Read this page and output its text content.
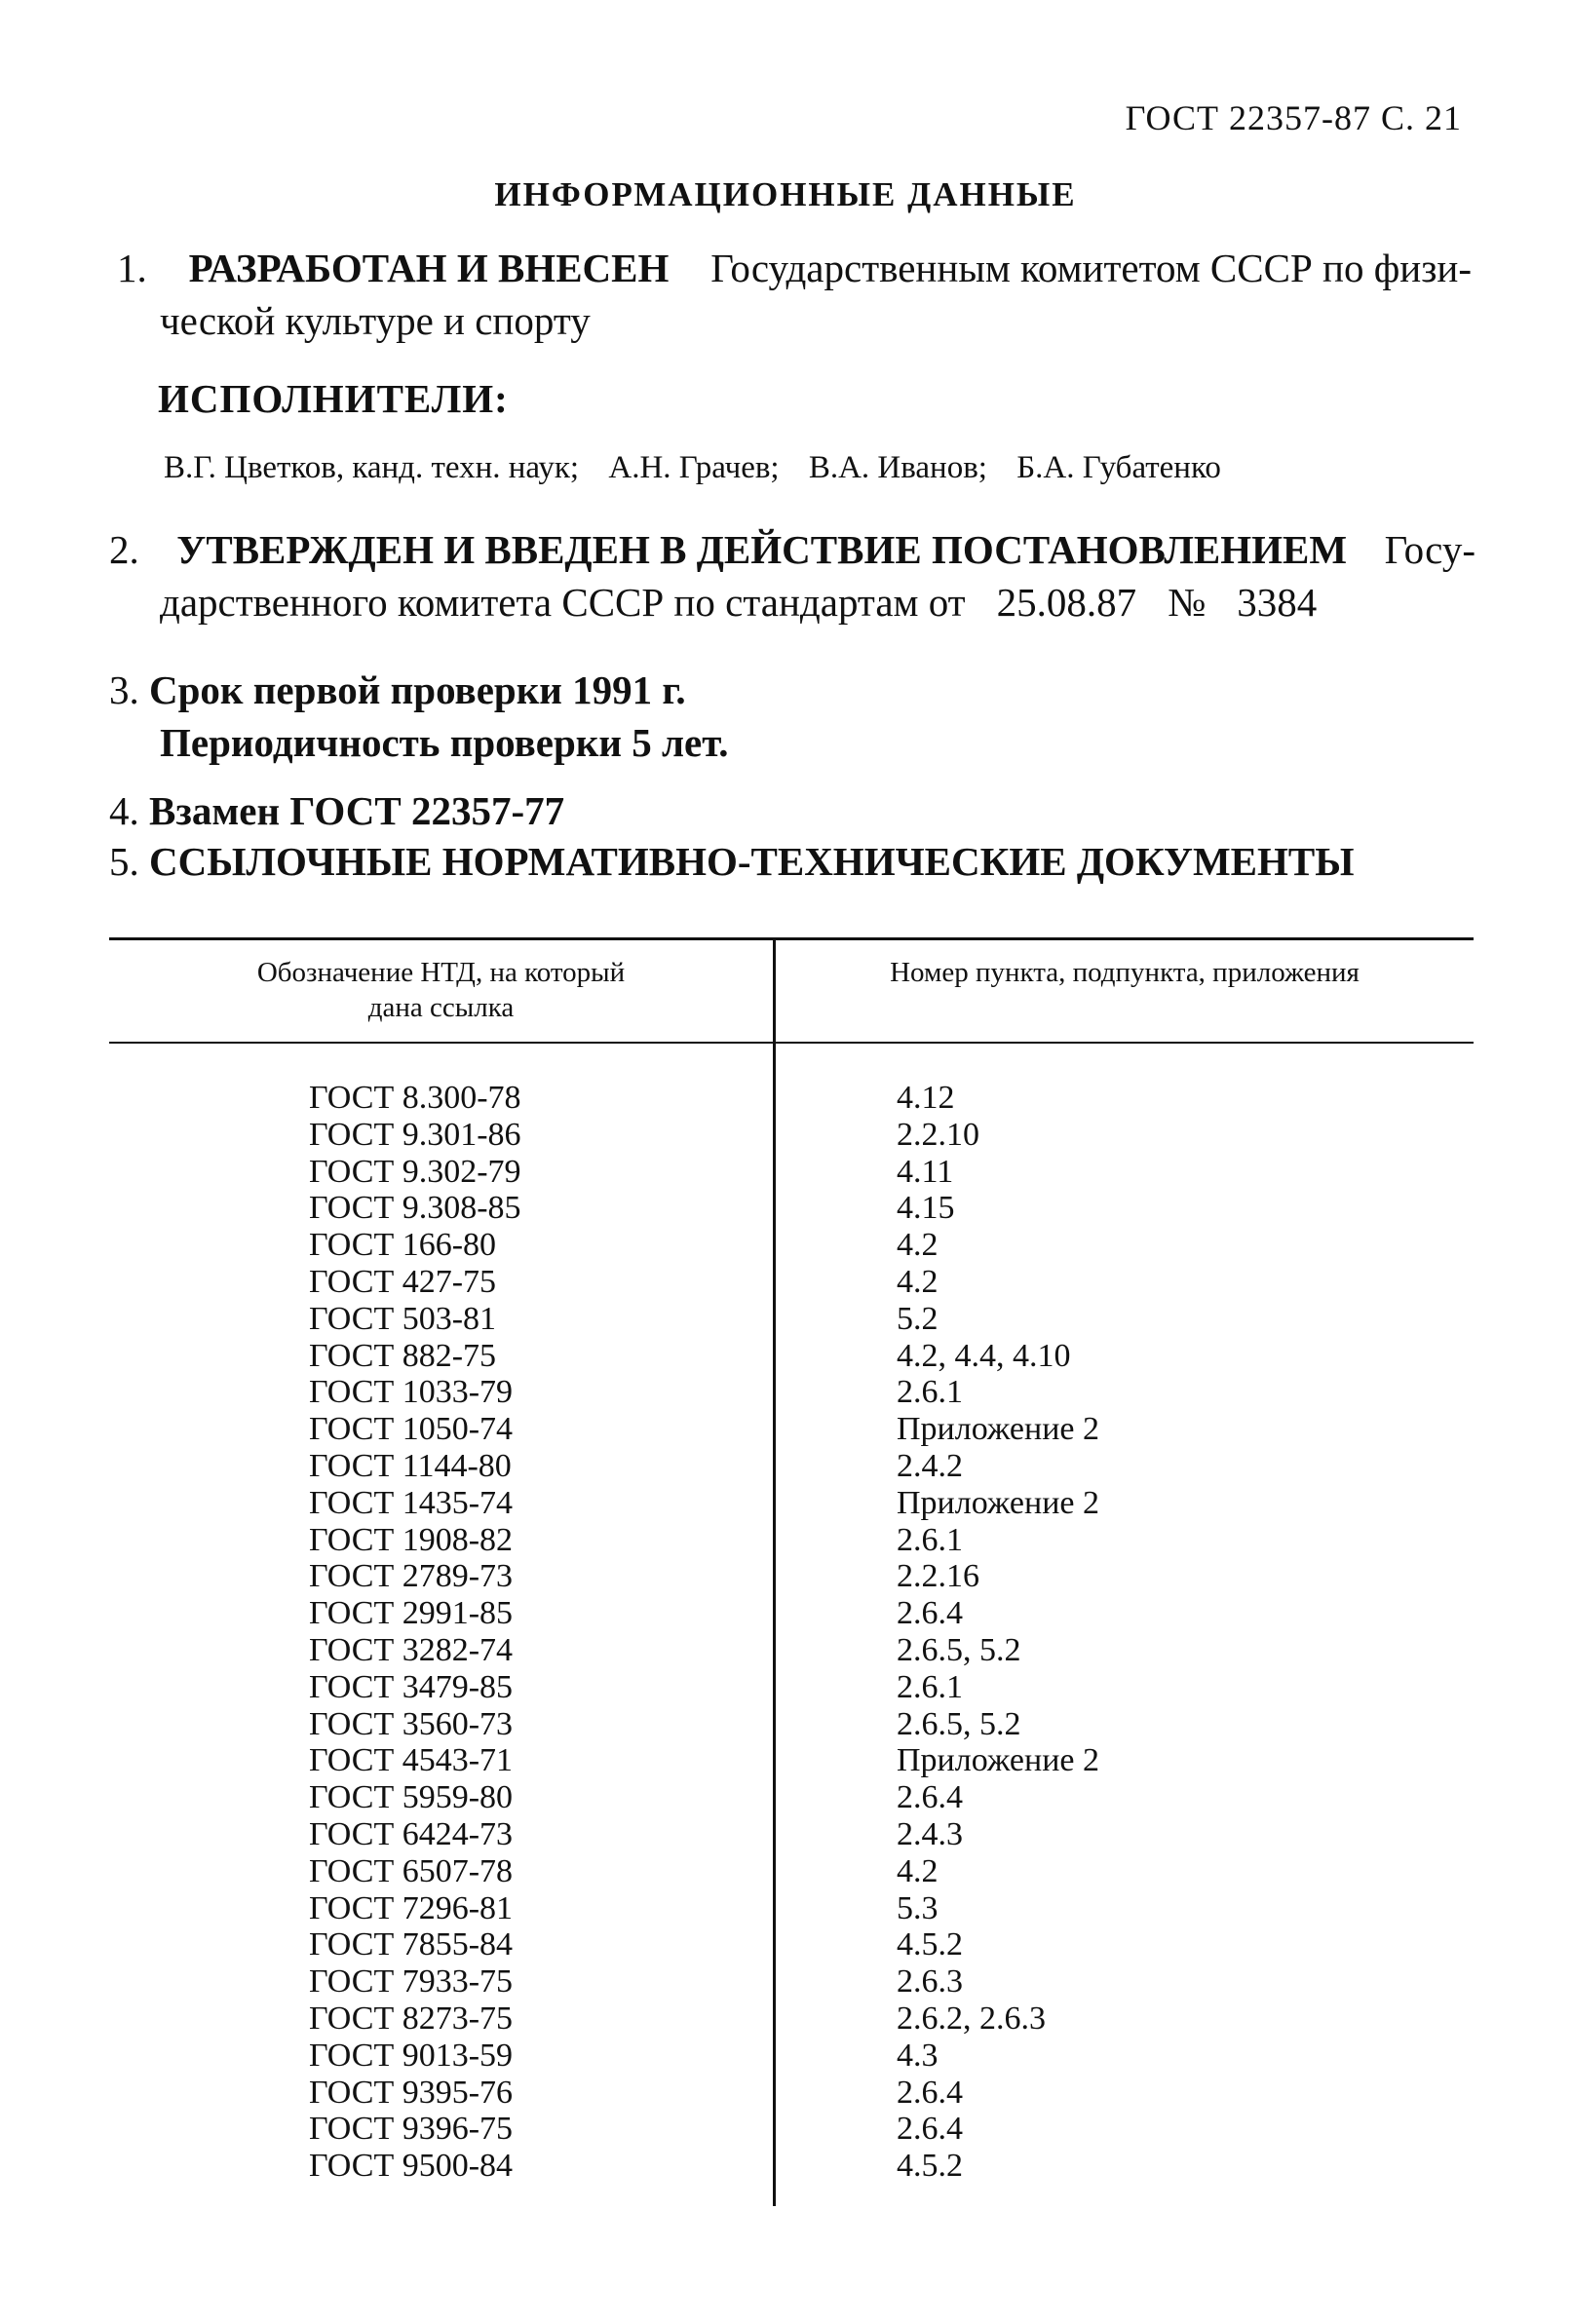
ГОСТ 22357-87 С. 21
ИНФОРМАЦИОННЫЕ ДАННЫЕ
1. РАЗРАБОТАН И ВНЕСЕН Государственным комитетом СССР по физи-
ческой культуре и спорту
ИСПОЛНИТЕЛИ:
В.Г. Цветков, канд. техн. наук; А.Н. Грачев; В.А. Иванов; Б.А. Губатенко
2. УТВЕРЖДЕН И ВВЕДЕН В ДЕЙСТВИЕ ПОСТАНОВЛЕНИЕМ Госу-
дарственного комитета СССР по стандартам от 25.08.87 № 3384
3. Срок первой проверки 1991 г.
Периодичность проверки 5 лет.
4. Взамен ГОСТ 22357-77
5. ССЫЛОЧНЫЕ НОРМАТИВНО-ТЕХНИЧЕСКИЕ ДОКУМЕНТЫ
Обозначение НТД, на который
дана ссылка
Номер пункта, подпункта, приложения
ГОСТ 8.300-78	4.12
ГОСТ 9.301-86	2.2.10
ГОСТ 9.302-79	4.11
ГОСТ 9.308-85	4.15
ГОСТ 166-80	4.2
ГОСТ 427-75	4.2
ГОСТ 503-81	5.2
ГОСТ 882-75	4.2, 4.4, 4.10
ГОСТ 1033-79	2.6.1
ГОСТ 1050-74	Приложение 2
ГОСТ 1144-80	2.4.2
ГОСТ 1435-74	Приложение 2
ГОСТ 1908-82	2.6.1
ГОСТ 2789-73	2.2.16
ГОСТ 2991-85	2.6.4
ГОСТ 3282-74	2.6.5, 5.2
ГОСТ 3479-85	2.6.1
ГОСТ 3560-73	2.6.5, 5.2
ГОСТ 4543-71	Приложение 2
ГОСТ 5959-80	2.6.4
ГОСТ 6424-73	2.4.3
ГОСТ 6507-78	4.2
ГОСТ 7296-81	5.3
ГОСТ 7855-84	4.5.2
ГОСТ 7933-75	2.6.3
ГОСТ 8273-75	2.6.2, 2.6.3
ГОСТ 9013-59	4.3
ГОСТ 9395-76	2.6.4
ГОСТ 9396-75	2.6.4
ГОСТ 9500-84	4.5.2
